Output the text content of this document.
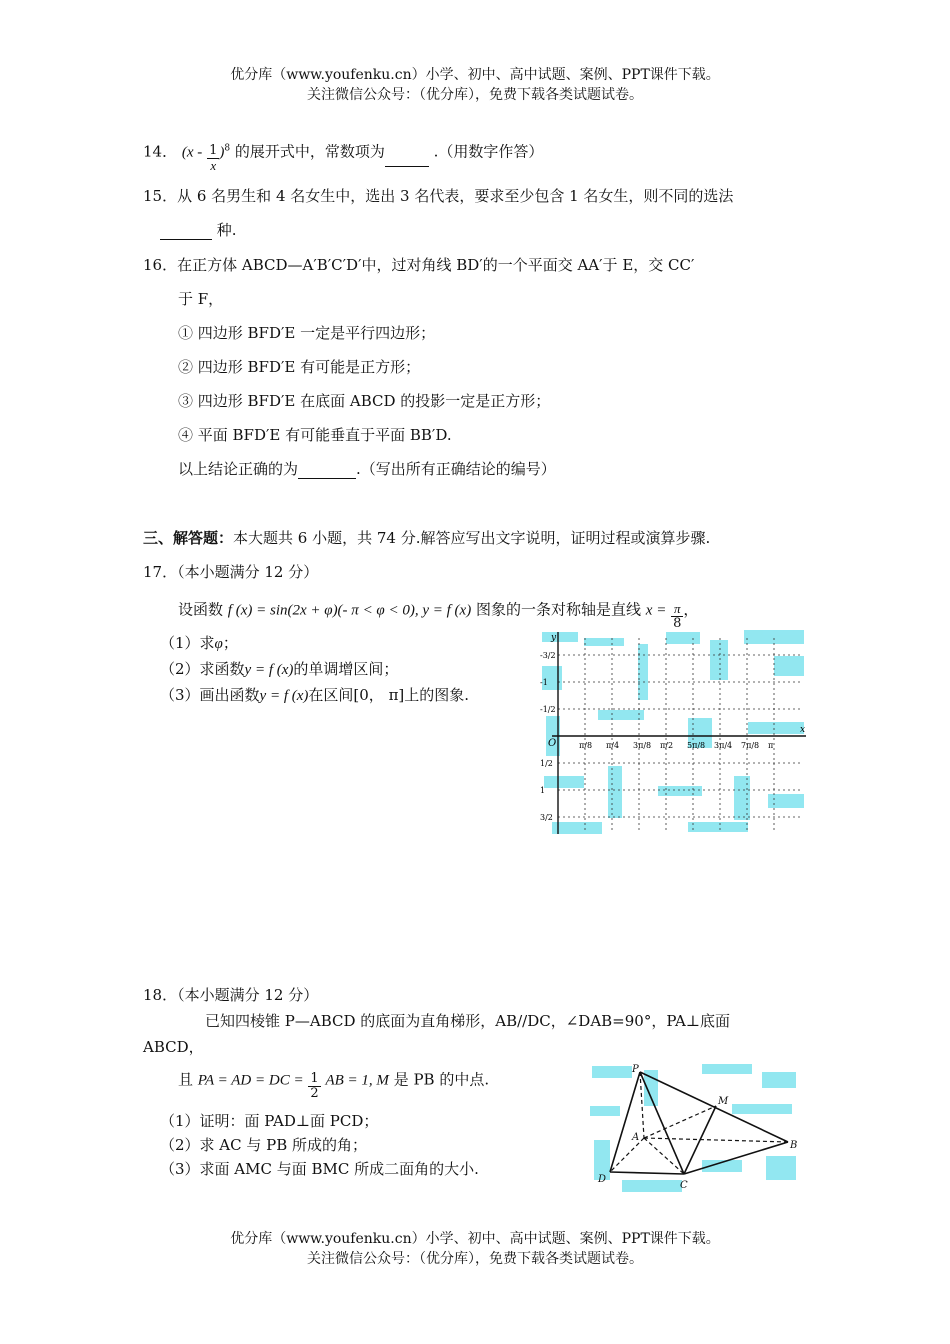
优分库（www.youfenku.cn）小学、初中、高中试题、案例、PPT课件下载。
关注微信公众号：（优分库），免费下载各类试题试卷。
14． $(x - \frac{1}{x} )^8$ 的展开式中，常数项为	.（用数字作答）
15．从 6 名男生和 4 名女生中，选出 3 名代表，要求至少包含 1 名女生，则不同的选法
种.
16．在正方体 ABCD—A′B′C′D′中，过对角线 BD′的一个平面交 AA′于 E，交 CC′
于 F，
① 四边形 BFD′E 一定是平行四边形；
② 四边形 BFD′E 有可能是正方形；
③ 四边形 BFD′E 在底面 ABCD 的投影一定是正方形；
④ 平面 BFD′E 有可能垂直于平面 BB′D.
以上结论正确的为	.（写出所有正确结论的编号）
三、解答题：本大题共 6 小题，共 74 分.解答应写出文字说明，证明过程或演算步骤.
17．（本小题满分 12 分）
设函数 f (x) = sin(2x + φ)(- π < φ < 0), y = f (x) 图象的一条对称轴是直线 $x = \frac{\pi}{8}$ ，
（1）求φ；
（2）求函数y = f (x)的单调增区间；
（3）画出函数y = f (x)在区间[0， π]上的图象.
y
x
O
3/2
1
1/2
-1/2
-1
-3/2
π/8 π/4 3π/8 π/2 5π/8 3π/4 7π/8 π
18．（本小题满分 12 分）
已知四棱锥 P—ABCD 的底面为直角梯形，AB//DC，∠DAB=90°，PA⊥底面
ABCD，
且 PA = AD = DC = $\frac{1}{2}$ AB = 1, M 是 PB 的中点.
（1）证明：面 PAD⊥面 PCD；
（2）求 AC 与 PB 所成的角；
（3）求面 AMC 与面 BMC 所成二面角的大小.
P
M
A
B
C
D
优分库（www.youfenku.cn）小学、初中、高中试题、案例、PPT课件下载。
关注微信公众号：（优分库），免费下载各类试题试卷。
